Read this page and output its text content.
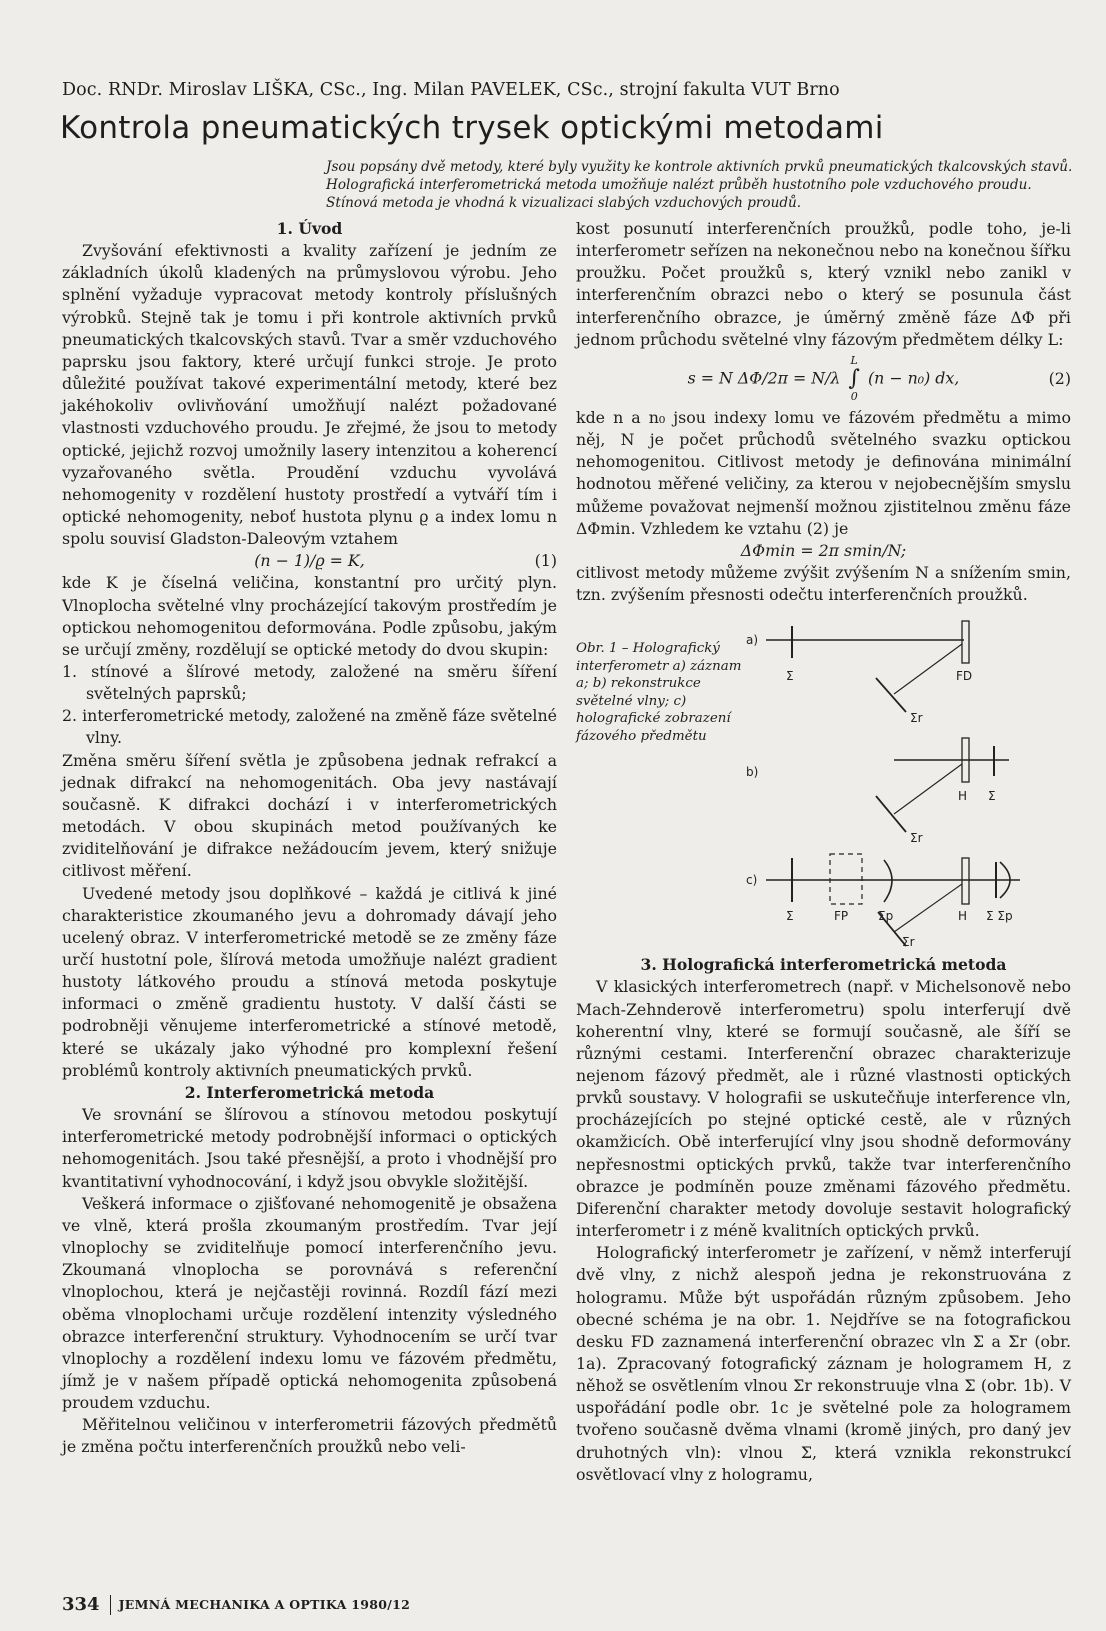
Doc. RNDr. Miroslav LIŠKA, CSc., Ing. Milan PAVELEK, CSc., strojní fakulta VUT Brno
Kontrola pneumatických trysek optickými metodami
Jsou popsány dvě metody, které byly využity ke kontrole aktivních prvků pneumatických tkalcovských stavů. Holografická interferometrická metoda umožňuje nalézt průběh hustotního pole vzduchového proudu. Stínová metoda je vhodná k vizualizaci slabých vzduchových proudů.

1. Úvod

Zvyšování efektivnosti a kvality zařízení je jedním ze základních úkolů kladených na průmyslovou výrobu. Jeho splnění vyžaduje vypracovat metody kontroly příslušných výrobků. Stejně tak je tomu i při kontrole aktivních prvků pneumatických tkalcovských stavů. Tvar a směr vzduchového paprsku jsou faktory, které určují funkci stroje. Je proto důležité používat takové experimentální metody, které bez jakéhokoliv ovlivňování umožňují nalézt požadované vlastnosti vzduchového proudu. Je zřejmé, že jsou to metody optické, jejichž rozvoj umožnily lasery intenzitou a koherencí vyzařovaného světla. Proudění vzduchu vyvolává nehomogenity v rozdělení hustoty prostředí a vytváří tím i optické nehomogenity, neboť hustota plynu ϱ a index lomu n spolu souvisí Gladston-Daleovým vztahem

(n − 1)/ϱ = K,	(1)

kde K je číselná veličina, konstantní pro určitý plyn. Vlnoplocha světelné vlny procházející takovým prostředím je optickou nehomogenitou deformována. Podle způsobu, jakým se určují změny, rozdělují se optické metody do dvou skupin:

1. stínové a šlírové metody, založené na směru šíření světelných paprsků;

2. interferometrické metody, založené na změně fáze světelné vlny.

Změna směru šíření světla je způsobena jednak refrakcí a jednak difrakcí na nehomogenitách. Oba jevy nastávají současně. K difrakci dochází i v interferometrických metodách. V obou skupinách metod používaných ke zviditelňování je difrakce nežádoucím jevem, který snižuje citlivost měření.

Uvedené metody jsou doplňkové – každá je citlivá k jiné charakteristice zkoumaného jevu a dohromady dávají jeho ucelený obraz. V interferometrické metodě se ze změny fáze určí hustotní pole, šlírová metoda umožňuje nalézt gradient hustoty látkového proudu a stínová metoda poskytuje informaci o změně gradientu hustoty. V další části se podrobněji věnujeme interferometrické a stínové metodě, které se ukázaly jako výhodné pro komplexní řešení problémů kontroly aktivních pneumatických prvků.

2. Interferometrická metoda

Ve srovnání se šlírovou a stínovou metodou poskytují interferometrické metody podrobnější informaci o optických nehomogenitách. Jsou také přesnější, a proto i vhodnější pro kvantitativní vyhodnocování, i když jsou obvykle složitější.

Veškerá informace o zjišťované nehomogenitě je obsažena ve vlně, která prošla zkoumaným prostředím. Tvar její vlnoplochy se zviditelňuje pomocí interferenčního jevu. Zkoumaná vlnoplocha se porovnává s referenční vlnoplochou, která je nejčastěji rovinná. Rozdíl fází mezi oběma vlnoplochami určuje rozdělení intenzity výsledného obrazce interferenční struktury. Vyhodnocením se určí tvar vlnoplochy a rozdělení indexu lomu ve fázovém předmětu, jímž je v našem případě optická nehomogenita způsobená proudem vzduchu.

Měřitelnou veličinou v interferometrii fázových předmětů je změna počtu interferenčních proužků nebo veli-

kost posunutí interferenčních proužků, podle toho, je-li interferometr seřízen na nekonečnou nebo na konečnou šířku proužku. Počet proužků s, který vznikl nebo zanikl v interferenčním obrazci nebo o který se posunula část interferenčního obrazce, je úměrný změně fáze ΔΦ při jednom průchodu světelné vlny fázovým předmětem délky L:

s = N ΔΦ/2π = N/λ
L
∫
0
(n − n₀) dx,	(2)

kde n a n₀ jsou indexy lomu ve fázovém předmětu a mimo něj, N je počet průchodů světelného svazku optickou nehomogenitou. Citlivost metody je definována minimální hodnotou měřené veličiny, za kterou v nejobecnějším smyslu můžeme považovat nejmenší možnou zjistitelnou změnu fáze ΔΦmin. Vzhledem ke vztahu (2) je

ΔΦmin = 2π smin/N;

citlivost metody můžeme zvýšit zvýšením N a snížením smin, tzn. zvýšením přesnosti odečtu interferenčních proužků.

Obr. 1 – Holografický interferometr a) záznam a; b) rekonstrukce světelné vlny; c) holografické zobrazení fázového předmětu
a)
Σ	FD
Σr
b)
H Σ
Σr
c)
Σ	FP Σp	H Σ Σp
Σr

3. Holografická interferometrická metoda

V klasických interferometrech (např. v Michelsonově nebo Mach-Zehnderově interferometru) spolu interferují dvě koherentní vlny, které se formují současně, ale šíří se různými cestami. Interferenční obrazec charakterizuje nejenom fázový předmět, ale i různé vlastnosti optických prvků soustavy. V holografii se uskutečňuje interference vln, procházejících po stejné optické cestě, ale v různých okamžicích. Obě interferující vlny jsou shodně deformovány nepřesnostmi optických prvků, takže tvar interferenčního obrazce je podmíněn pouze změnami fázového předmětu. Diferenční charakter metody dovoluje sestavit holografický interferometr i z méně kvalitních optických prvků.

Holografický interferometr je zařízení, v němž interferují dvě vlny, z nichž alespoň jedna je rekonstruována z hologramu. Může být uspořádán různým způsobem. Jeho obecné schéma je na obr. 1. Nejdříve se na fotografickou desku FD zaznamená interferenční obrazec vln Σ a Σr (obr. 1a). Zpracovaný fotografický záznam je hologramem H, z něhož se osvětlením vlnou Σr rekonstruuje vlna Σ (obr. 1b). V uspořádání podle obr. 1c je světelné pole za hologramem tvořeno současně dvěma vlnami (kromě jiných, pro daný jev druhotných vln): vlnou Σ, která vznikla rekonstrukcí osvětlovací vlny z hologramu,

334 JEMNÁ MECHANIKA A OPTIKA 1980/12
